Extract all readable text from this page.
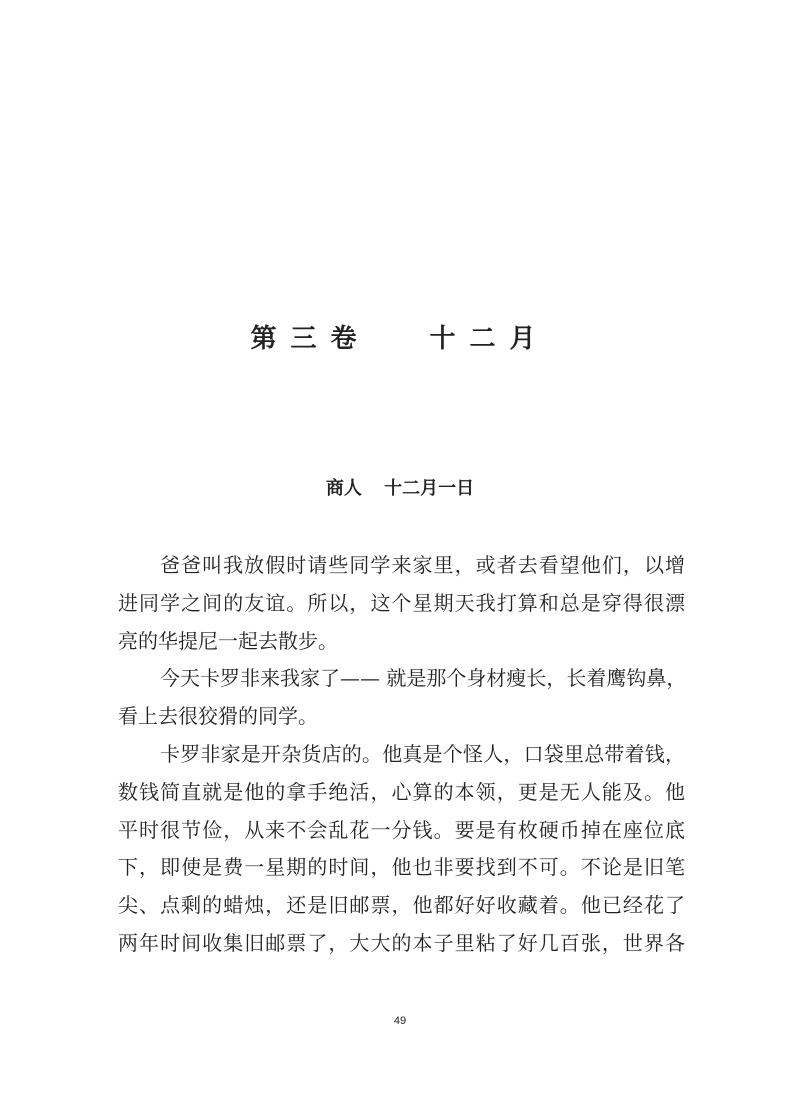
第三卷 十二月
商人 十二月一日
爸爸叫我放假时请些同学来家里，或者去看望他们，以增
进同学之间的友谊。所以，这个星期天我打算和总是穿得很漂
亮的华提尼一起去散步。
今天卡罗非来我家了—— 就是那个身材瘦长，长着鹰钩鼻，
看上去很狡猾的同学。
卡罗非家是开杂货店的。他真是个怪人，口袋里总带着钱，
数钱简直就是他的拿手绝活，心算的本领，更是无人能及。他
平时很节俭，从来不会乱花一分钱。要是有枚硬币掉在座位底
下，即使是费一星期的时间，他也非要找到不可。不论是旧笔
尖、点剩的蜡烛，还是旧邮票，他都好好收藏着。他已经花了
两年时间收集旧邮票了，大大的本子里粘了好几百张，世界各
49
